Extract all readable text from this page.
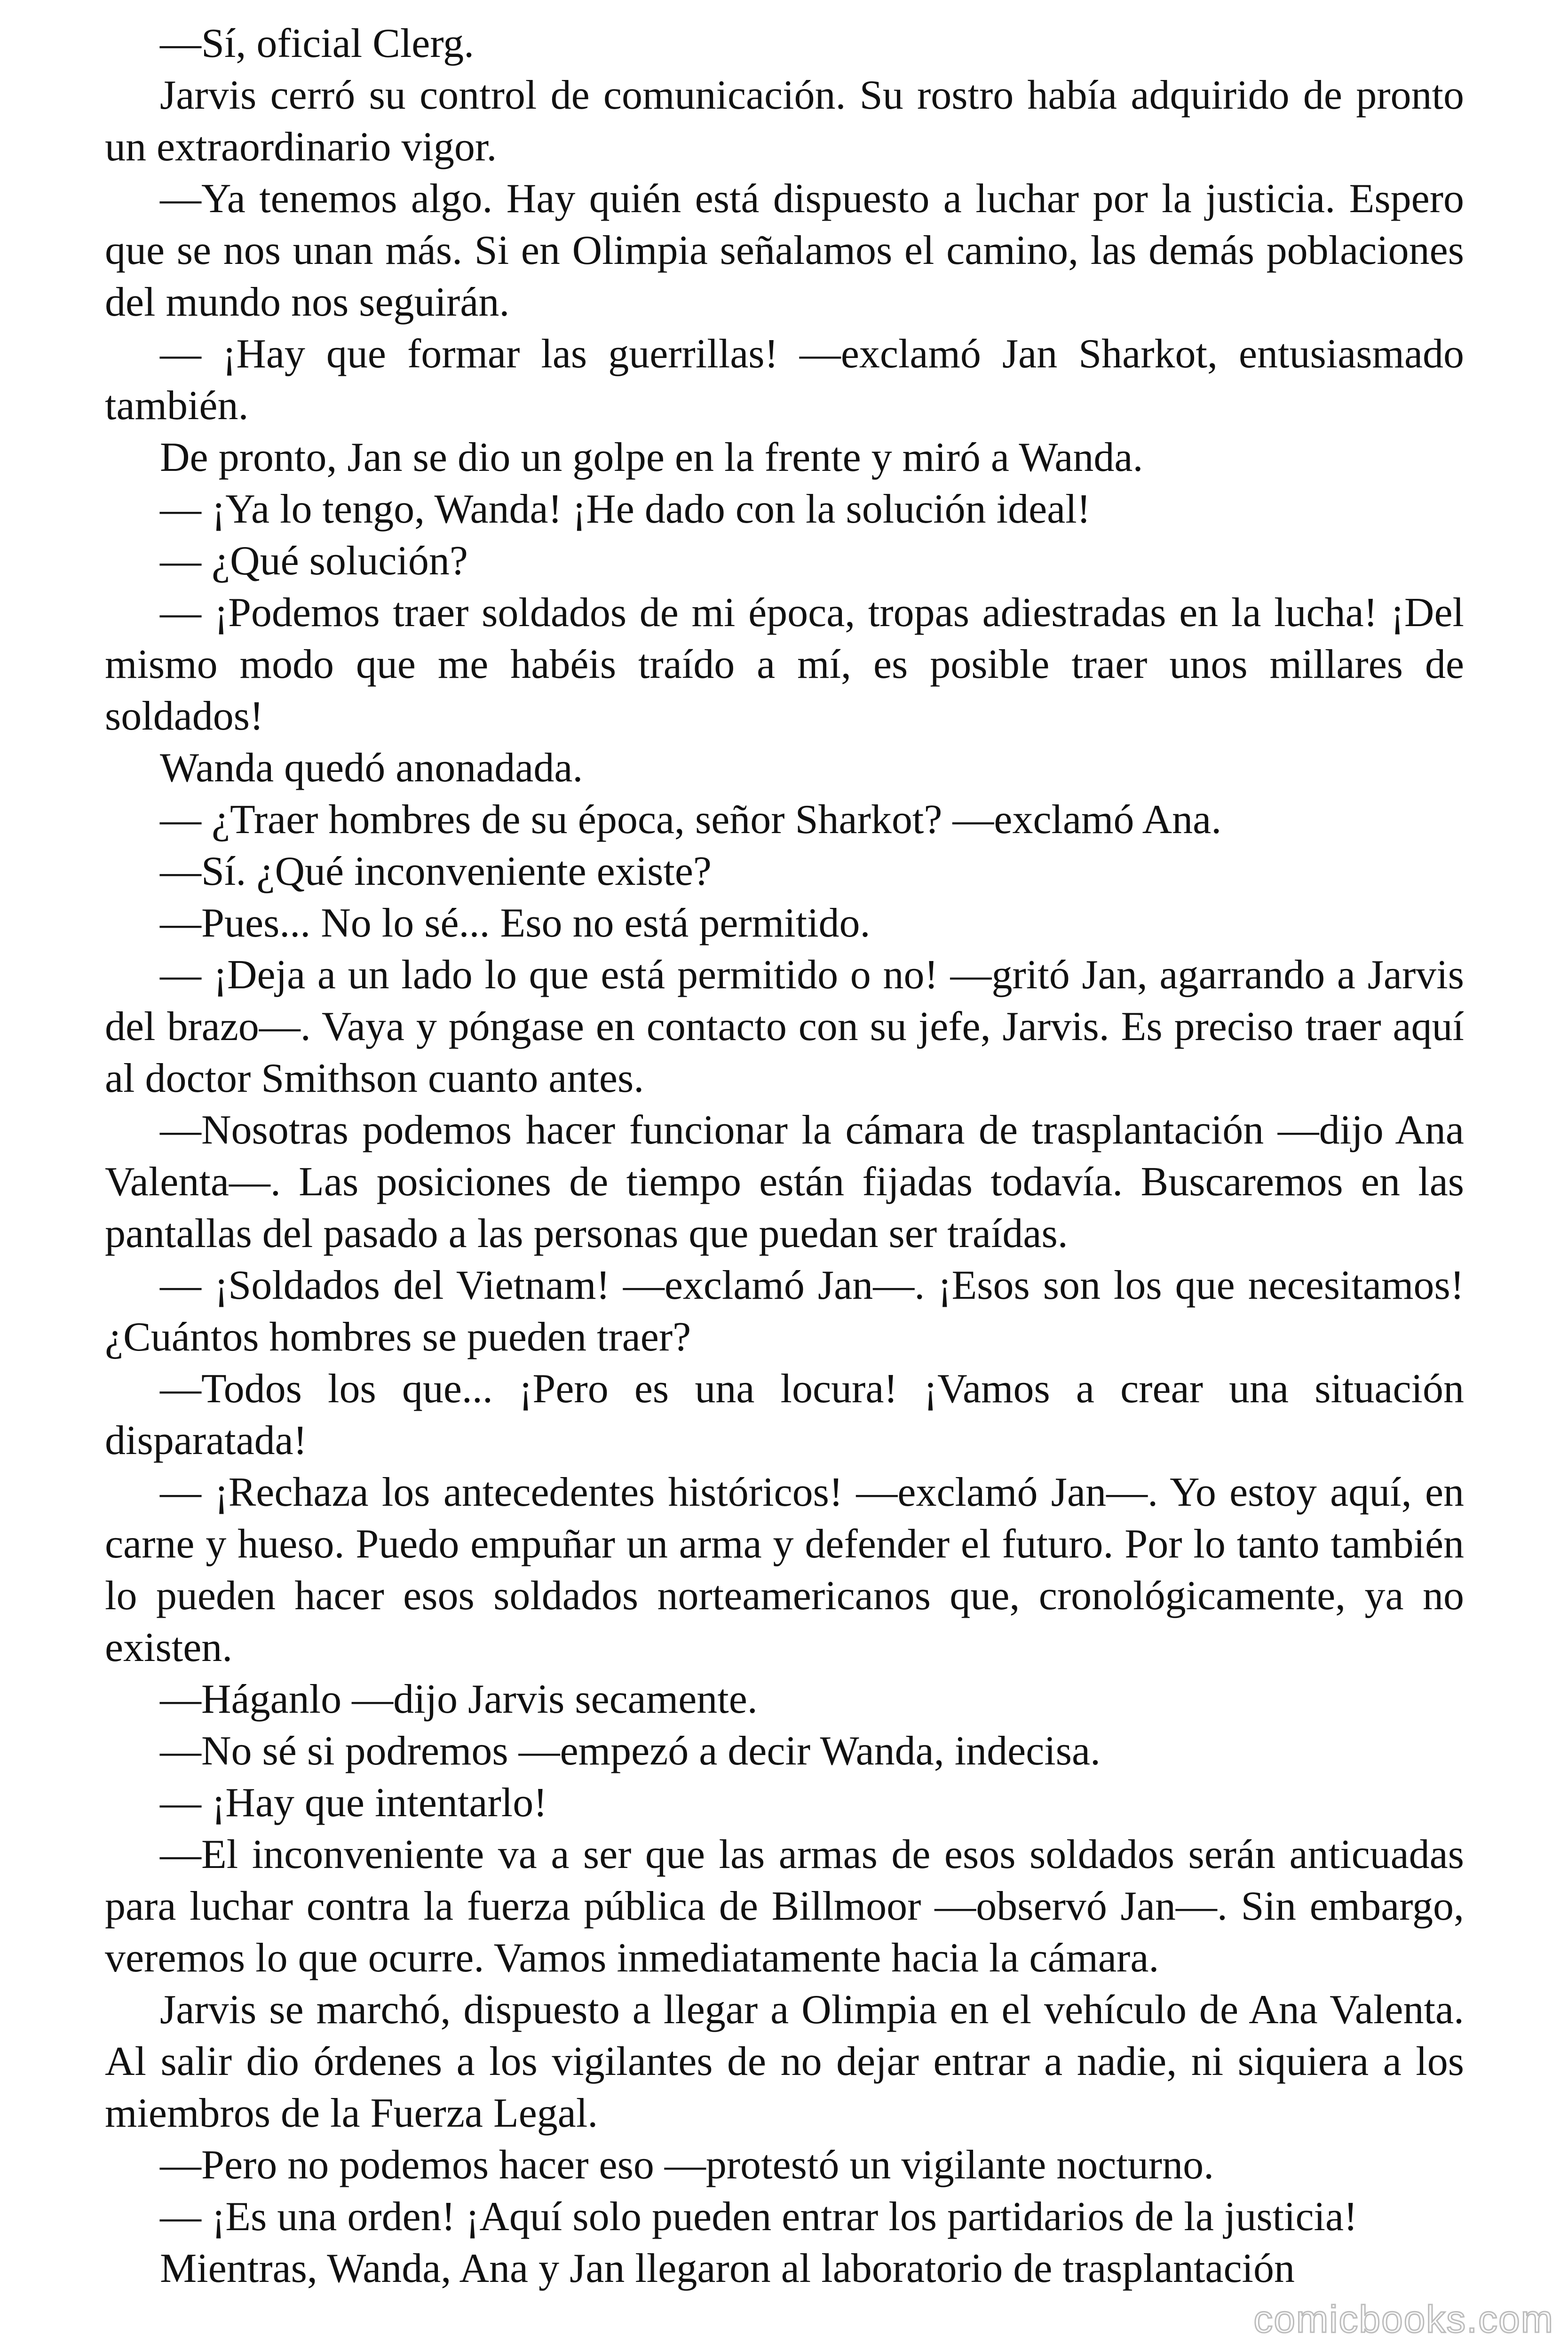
—Sí, oficial Clerg.

Jarvis cerró su control de comunicación. Su rostro había adquirido de pronto un extraordinario vigor.

—Ya tenemos algo. Hay quién está dispuesto a luchar por la justicia. Espero que se nos unan más. Si en Olimpia señalamos el camino, las demás poblaciones del mundo nos seguirán.

— ¡Hay que formar las guerrillas! —exclamó Jan Sharkot, entusiasmado también.

De pronto, Jan se dio un golpe en la frente y miró a Wanda.

— ¡Ya lo tengo, Wanda! ¡He dado con la solución ideal!

— ¿Qué solución?

— ¡Podemos traer soldados de mi época, tropas adiestradas en la lucha! ¡Del mismo modo que me habéis traído a mí, es posible traer unos millares de soldados!

Wanda quedó anonadada.

— ¿Traer hombres de su época, señor Sharkot? —exclamó Ana.

—Sí. ¿Qué inconveniente existe?

—Pues... No lo sé... Eso no está permitido.

— ¡Deja a un lado lo que está permitido o no! —gritó Jan, agarrando a Jarvis del brazo—. Vaya y póngase en contacto con su jefe, Jarvis. Es preciso traer aquí al doctor Smithson cuanto antes.

—Nosotras podemos hacer funcionar la cámara de trasplantación —dijo Ana Valenta—. Las posiciones de tiempo están fijadas todavía. Buscaremos en las pantallas del pasado a las personas que puedan ser traídas.

— ¡Soldados del Vietnam! —exclamó Jan—. ¡Esos son los que necesitamos! ¿Cuántos hombres se pueden traer?

—Todos los que... ¡Pero es una locura! ¡Vamos a crear una situación disparatada!

— ¡Rechaza los antecedentes históricos! —exclamó Jan—. Yo estoy aquí, en carne y hueso. Puedo empuñar un arma y defender el futuro. Por lo tanto también lo pueden hacer esos soldados norteamericanos que, cronológicamente, ya no existen.

—Háganlo —dijo Jarvis secamente.

—No sé si podremos —empezó a decir Wanda, indecisa.

— ¡Hay que intentarlo!

—El inconveniente va a ser que las armas de esos soldados serán anticuadas para luchar contra la fuerza pública de Billmoor —observó Jan—. Sin embargo, veremos lo que ocurre. Vamos inmediatamente hacia la cámara.

Jarvis se marchó, dispuesto a llegar a Olimpia en el vehículo de Ana Valenta. Al salir dio órdenes a los vigilantes de no dejar entrar a nadie, ni siquiera a los miembros de la Fuerza Legal.

—Pero no podemos hacer eso —protestó un vigilante nocturno.

— ¡Es una orden! ¡Aquí solo pueden entrar los partidarios de la justicia!

Mientras, Wanda, Ana y Jan llegaron al laboratorio de trasplantación

comicbooks.com
